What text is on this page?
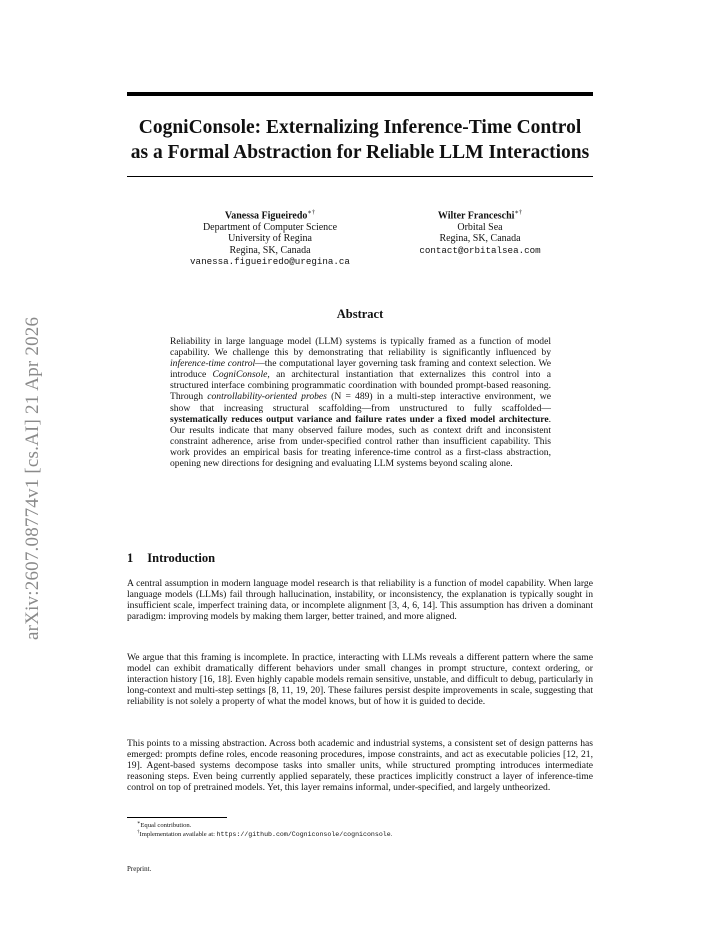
arXiv:2607.08774v1 [cs.AI] 21 Apr 2026
CogniConsole: Externalizing Inference-Time Control
as a Formal Abstraction for Reliable LLM Interactions
Vanessa Figueiredo∗†
Department of Computer Science
University of Regina
Regina, SK, Canada
vanessa.figueiredo@uregina.ca
Wilter Franceschi∗†
Orbital Sea
Regina, SK, Canada
contact@orbitalsea.com
Abstract
Reliability in large language model (LLM) systems is typically framed as a function of model capability. We challenge this by demonstrating that reliability is significantly influenced by inference-time control—the computational layer governing task framing and context selection. We introduce CogniConsole, an architectural instantiation that externalizes this control into a structured interface combining programmatic coordination with bounded prompt-based reasoning. Through controllability-oriented probes (N = 489) in a multi-step interactive environment, we show that increasing structural scaffolding—from unstructured to fully scaffolded—systematically reduces output variance and failure rates under a fixed model architecture. Our results indicate that many observed failure modes, such as context drift and inconsistent constraint adherence, arise from under-specified control rather than insufficient capability. This work provides an empirical basis for treating inference-time control as a first-class abstraction, opening new directions for designing and evaluating LLM systems beyond scaling alone.
1 Introduction

A central assumption in modern language model research is that reliability is a function of model capability. When large language models (LLMs) fail through hallucination, instability, or inconsistency, the explanation is typically sought in insufficient scale, imperfect training data, or incomplete alignment [3, 4, 6, 14]. This assumption has driven a dominant paradigm: improving models by making them larger, better trained, and more aligned.

We argue that this framing is incomplete. In practice, interacting with LLMs reveals a different pattern where the same model can exhibit dramatically different behaviors under small changes in prompt structure, context ordering, or interaction history [16, 18]. Even highly capable models remain sensitive, unstable, and difficult to debug, particularly in long-context and multi-step settings [8, 11, 19, 20]. These failures persist despite improvements in scale, suggesting that reliability is not solely a property of what the model knows, but of how it is guided to decide.

This points to a missing abstraction. Across both academic and industrial systems, a consistent set of design patterns has emerged: prompts define roles, encode reasoning procedures, impose constraints, and act as executable policies [12, 21, 19]. Agent-based systems decompose tasks into smaller units, while structured prompting introduces intermediate reasoning steps. Even being currently applied separately, these practices implicitly construct a layer of inference-time control on top of pretrained models. Yet, this layer remains informal, under-specified, and largely untheorized.

∗Equal contribution.
†Implementation available at: https://github.com/Cogniconsole/cogniconsole.
Preprint.
